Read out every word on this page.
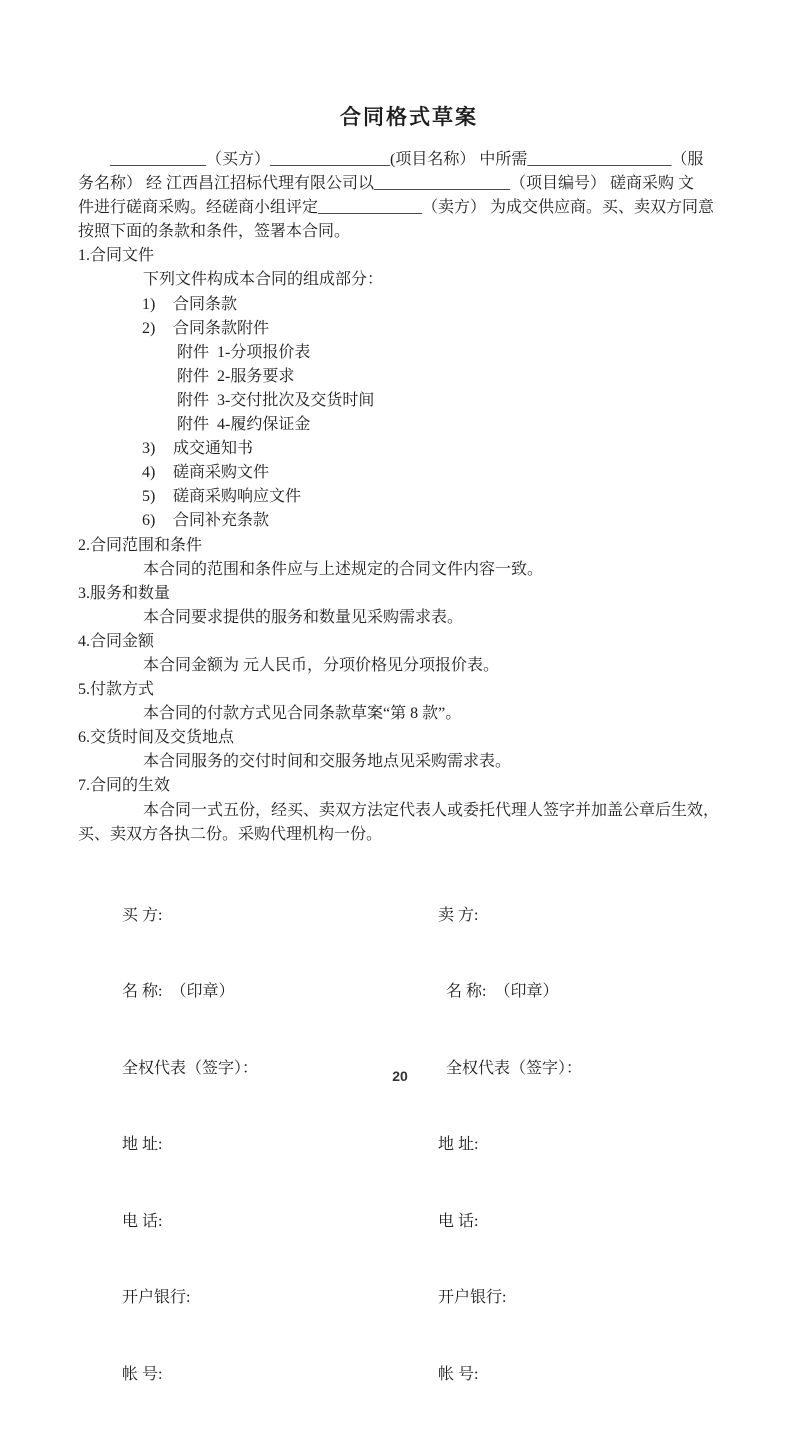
合同格式草案
____________（买方）_______________(项目名称） 中所需__________________（服
务名称） 经 江西昌江招标代理有限公司以_________________（项目编号） 磋商采购 文
件进行磋商采购。经磋商小组评定_____________（卖方） 为成交供应商。买、卖双方同意
按照下面的条款和条件，签署本合同。
1.合同文件
下列文件构成本合同的组成部分：
1) 合同条款
2) 合同条款附件
附件  1-分项报价表
附件  2-服务要求
附件  3-交付批次及交货时间
附件  4-履约保证金
3) 成交通知书
4) 磋商采购文件
5) 磋商采购响应文件
6) 合同补充条款
2.合同范围和条件
本合同的范围和条件应与上述规定的合同文件内容一致。
3.服务和数量
本合同要求提供的服务和数量见采购需求表。
4.合同金额
本合同金额为 元人民币，分项价格见分项报价表。
5.付款方式
本合同的付款方式见合同条款草案“第 8 款”。
6.交货时间及交货地点
本合同服务的交付时间和交服务地点见采购需求表。
7.合同的生效
本合同一式五份，经买、卖双方法定代表人或委托代理人签字并加盖公章后生效，
买、卖双方各执二份。采购代理机构一份。

买 方:

名 称:  （印章）

全权代表（签字）：

地 址:

电 话:

开户银行:

帐 号:

卖 方:

名 称:  （印章）

全权代表（签字）：

地 址:

电 话:

开户银行:

帐 号:

20
